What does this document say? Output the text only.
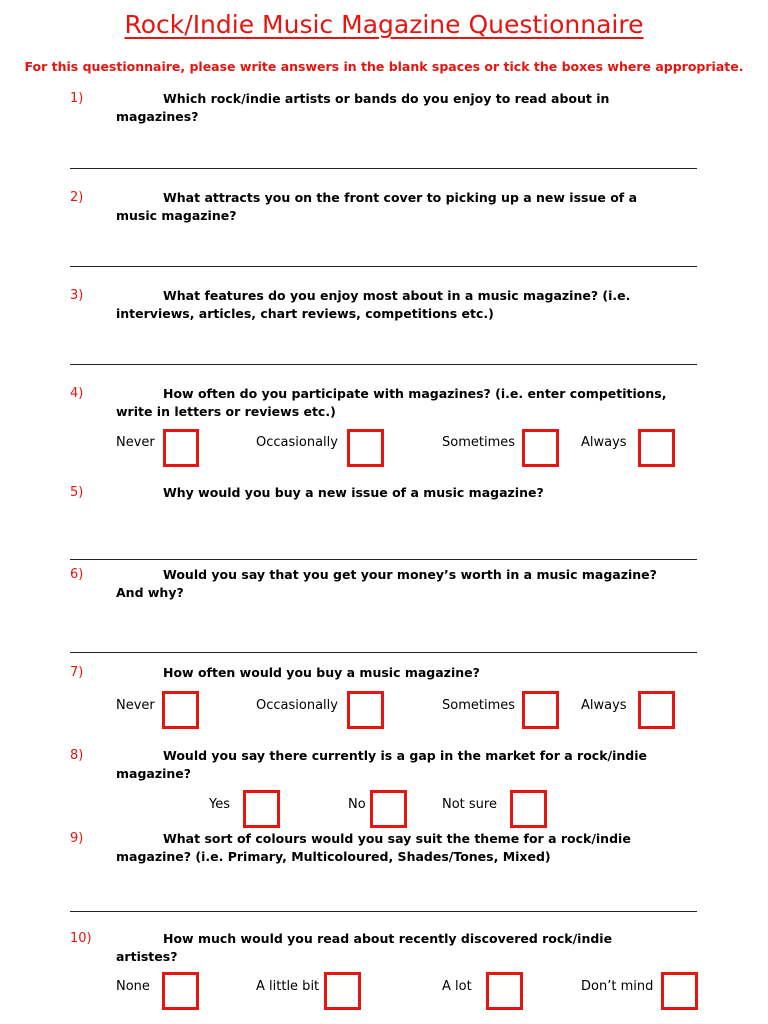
Rock/Indie Music Magazine Questionnaire
For this questionnaire, please write answers in the blank spaces or tick the boxes where appropriate.
1)	Which rock/indie artists or bands do you enjoy to read about in magazines?

2)	What attracts you on the front cover to picking up a new issue of a music magazine?

3)	What features do you enjoy most about in a music magazine? (i.e. interviews, articles, chart reviews, competitions etc.)

4)	How often do you participate with magazines? (i.e. enter competitions, write in letters or reviews etc.)

Never	Occasionally	Sometimes	Always
5)	Why would you buy a new issue of a music magazine?

6)	Would you say that you get your money’s worth in a music magazine? And why?

7)	How often would you buy a music magazine?

Never	Occasionally	Sometimes	Always
8)	Would you say there currently is a gap in the market for a rock/indie magazine?

Yes	No	Not sure
9)	What sort of colours would you say suit the theme for a rock/indie magazine? (i.e. Primary, Multicoloured, Shades/Tones, Mixed)

10)	How much would you read about recently discovered rock/indie artistes?

None	A little bit	A lot	Don’t mind
